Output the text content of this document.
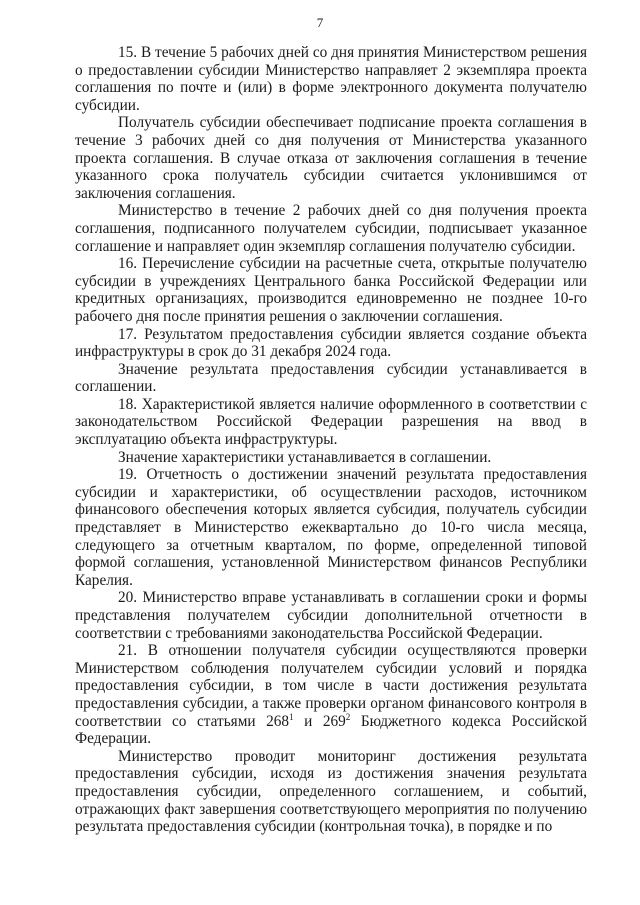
7

15. В течение 5 рабочих дней со дня принятия Министерством решения о предоставлении субсидии Министерство направляет 2 экземпляра проекта соглашения по почте и (или) в форме электронного документа получателю субсидии.

Получатель субсидии обеспечивает подписание проекта соглашения в течение 3 рабочих дней со дня получения от Министерства указанного проекта соглашения. В случае отказа от заключения соглашения в течение указанного срока получатель субсидии считается уклонившимся от заключения соглашения.

Министерство в течение 2 рабочих дней со дня получения проекта соглашения, подписанного получателем субсидии, подписывает указанное соглашение и направляет один экземпляр соглашения получателю субсидии.

16. Перечисление субсидии на расчетные счета, открытые получателю субсидии в учреждениях Центрального банка Российской Федерации или кредитных организациях, производится единовременно не позднее 10-го рабочего дня после принятия решения о заключении соглашения.

17. Результатом предоставления субсидии является создание объекта инфраструктуры в срок до 31 декабря 2024 года.

Значение результата предоставления субсидии устанавливается в соглашении.

18. Характеристикой является наличие оформленного в соответствии с законодательством Российской Федерации разрешения на ввод в эксплуатацию объекта инфраструктуры.

Значение характеристики устанавливается в соглашении.

19. Отчетность о достижении значений результата предоставления субсидии и характеристики, об осуществлении расходов, источником финансового обеспечения которых является субсидия, получатель субсидии представляет в Министерство ежеквартально до 10-го числа месяца, следующего за отчетным кварталом, по форме, определенной типовой формой соглашения, установленной Министерством финансов Республики Карелия.

20. Министерство вправе устанавливать в соглашении сроки и формы представления получателем субсидии дополнительной отчетности в соответствии с требованиями законодательства Российской Федерации.

21. В отношении получателя субсидии осуществляются проверки Министерством соблюдения получателем субсидии условий и порядка предоставления субсидии, в том числе в части достижения результата предоставления субсидии, а также проверки органом финансового контроля в соответствии со статьями $268^1$ и $269^2$ Бюджетного кодекса Российской Федерации.

Министерство проводит мониторинг достижения результата предоставления субсидии, исходя из достижения значения результата предоставления субсидии, определенного соглашением, и событий, отражающих факт завершения соответствующего мероприятия по получению результата предоставления субсидии (контрольная точка), в порядке и по
